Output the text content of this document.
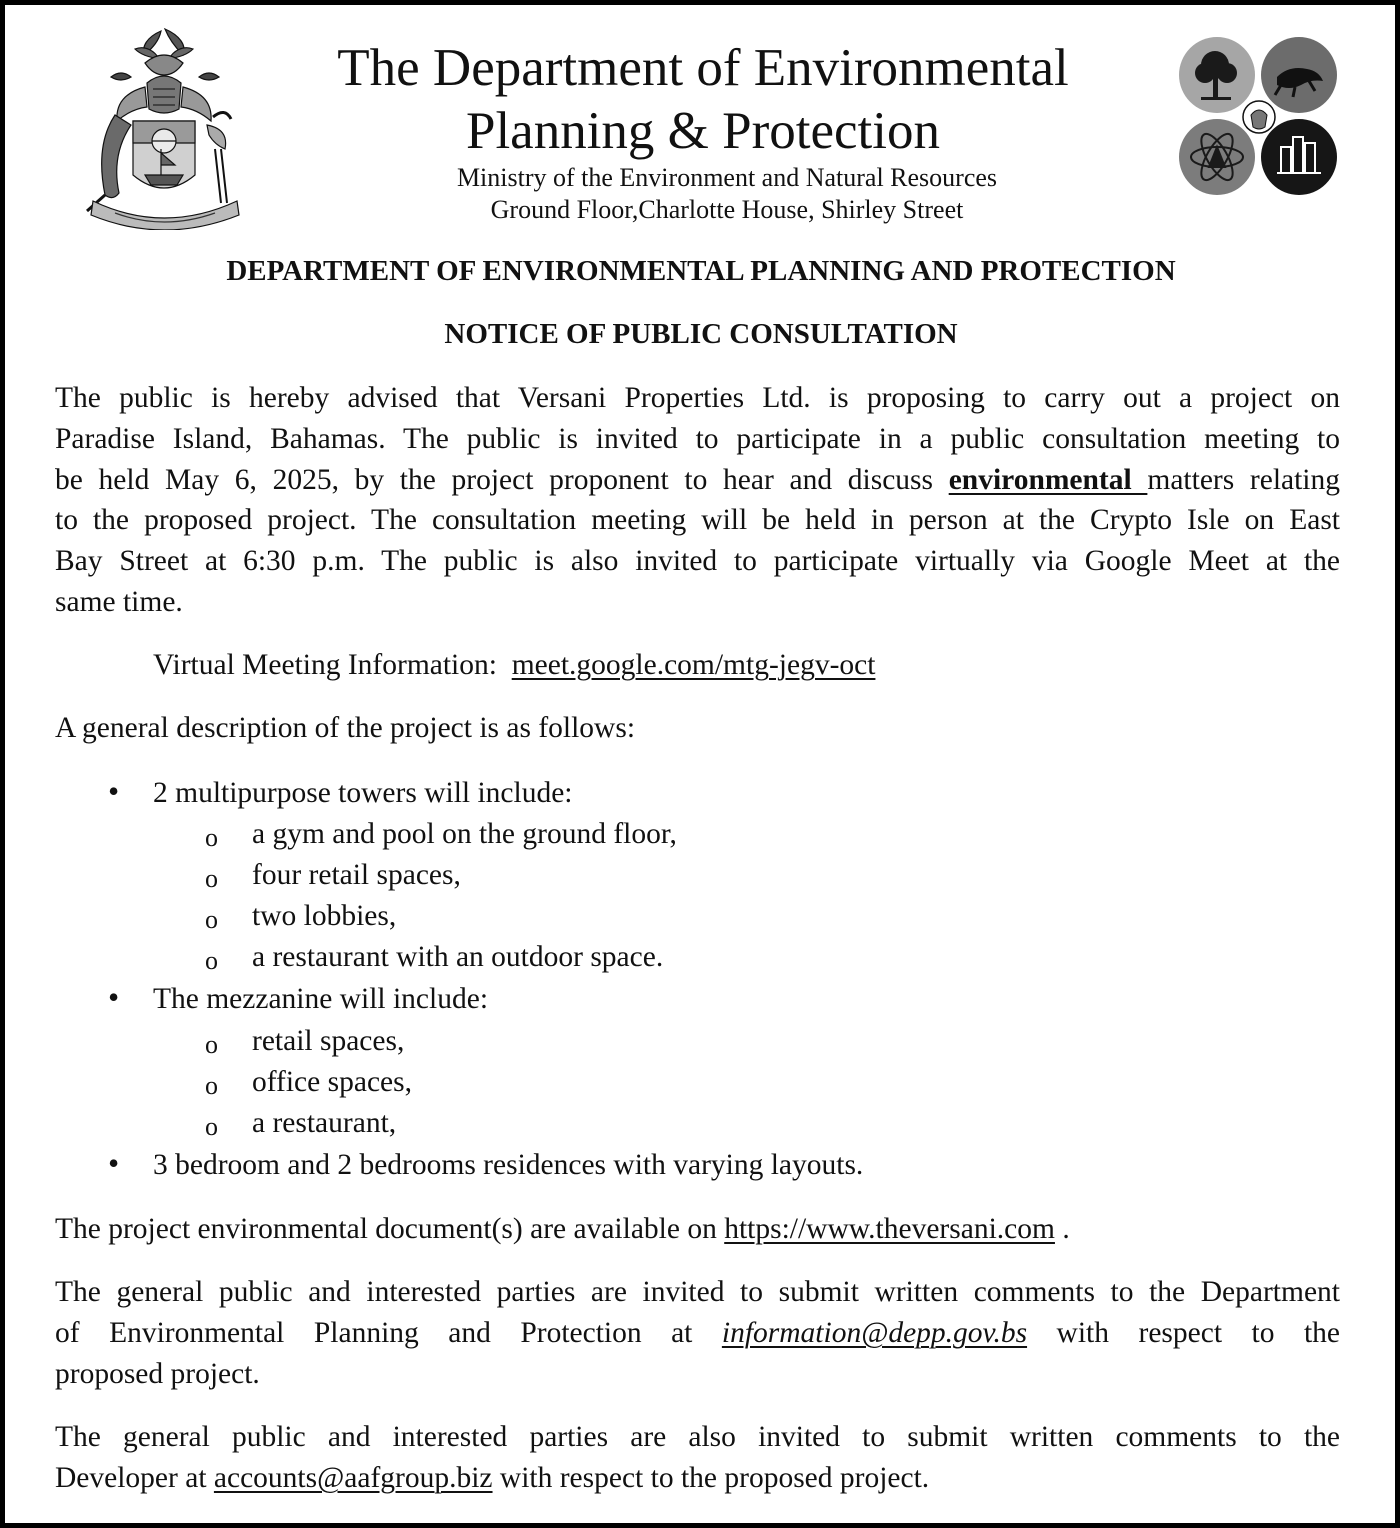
The Department of Environmental
Planning & Protection
Ministry of the Environment and Natural Resources
Ground Floor,Charlotte House, Shirley Street
DEPARTMENT OF ENVIRONMENTAL PLANNING AND PROTECTION
NOTICE OF PUBLIC CONSULTATION
The public is hereby advised that Versani Properties Ltd. is proposing to carry out a project on
Paradise Island, Bahamas. The public is invited to participate in a public consultation meeting to
be held May 6, 2025, by the project proponent to hear and discuss environmental matters relating
to the proposed project. The consultation meeting will be held in person at the Crypto Isle on East
Bay Street at 6:30 p.m. The public is also invited to participate virtually via Google Meet at the
same time.
Virtual Meeting Information: meet.google.com/mtg-jegv-oct
A general description of the project is as follows:
• 2 multipurpose towers will include:
o a gym and pool on the ground floor,
o four retail spaces,
o two lobbies,
o a restaurant with an outdoor space.
• The mezzanine will include:
o retail spaces,
o office spaces,
o a restaurant,
• 3 bedroom and 2 bedrooms residences with varying layouts.
The project environmental document(s) are available on https://www.theversani.com .
The general public and interested parties are invited to submit written comments to the Department
of Environmental Planning and Protection at information@depp.gov.bs with respect to the
proposed project.
The general public and interested parties are also invited to submit written comments to the
Developer at accounts@aafgroup.biz with respect to the proposed project.
